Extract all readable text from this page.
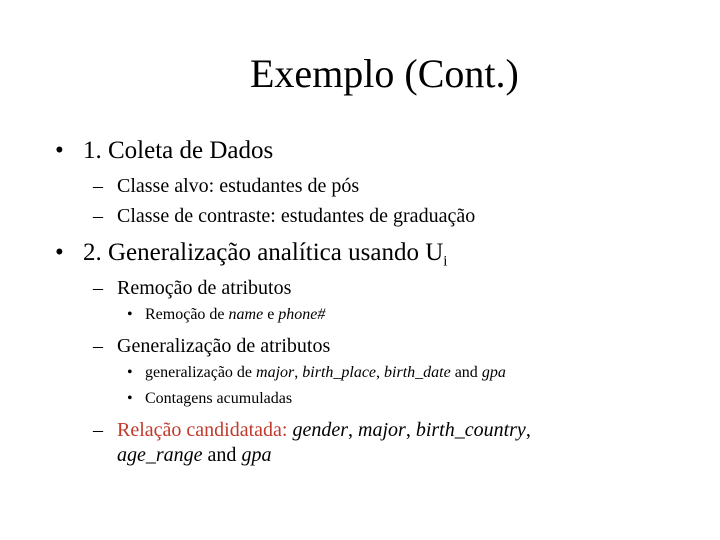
Exemplo (Cont.)
• 1. Coleta de Dados
– Classe alvo: estudantes de pós
– Classe de contraste: estudantes de graduação
• 2. Generalização analítica usando $U_i$
– Remoção de atributos
• Remoção de name e phone#
– Generalização de atributos
• generalização de major, birth_place, birth_date and gpa
• Contagens acumuladas
– Relação candidatada: gender, major, birth_country,
age_range and gpa
